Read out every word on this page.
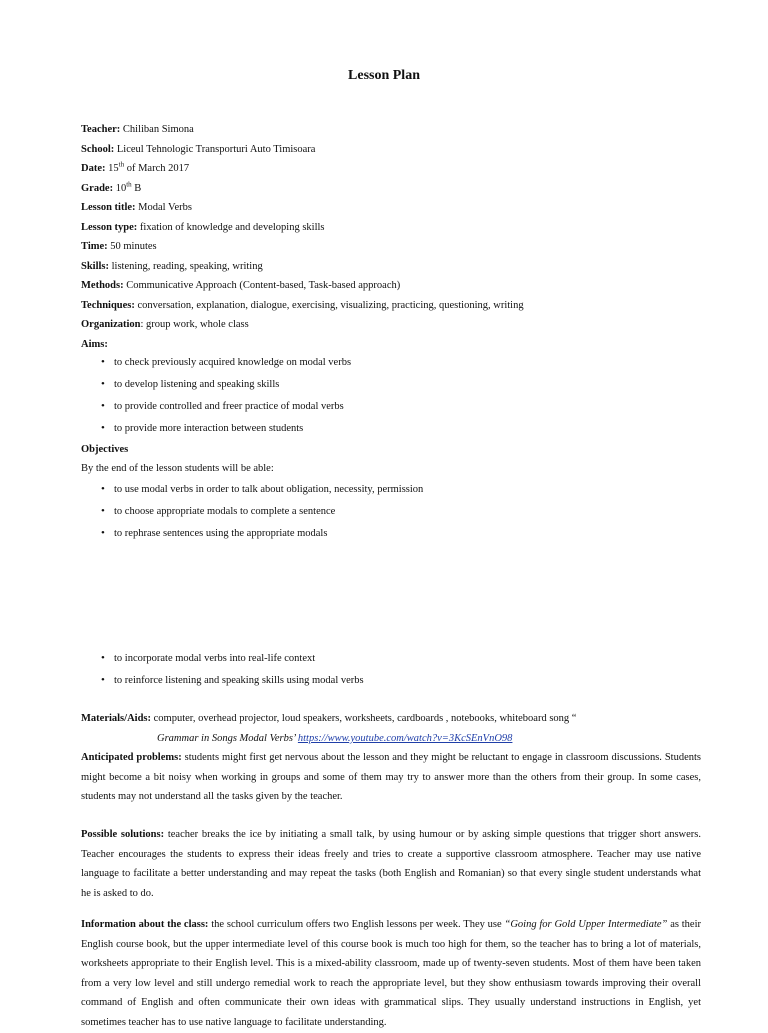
Lesson Plan
Teacher: Chiliban Simona
School: Liceul Tehnologic Transporturi Auto Timisoara
Date: 15th of March 2017
Grade: 10th B
Lesson title: Modal Verbs
Lesson type: fixation of knowledge and developing skills
Time: 50 minutes
Skills: listening, reading, speaking, writing
Methods: Communicative Approach (Content-based, Task-based approach)
Techniques: conversation, explanation, dialogue, exercising, visualizing, practicing, questioning, writing
Organization: group work, whole class
Aims:
• to check previously acquired knowledge on modal verbs
• to develop listening and speaking skills
• to provide controlled and freer practice of modal verbs
• to provide more interaction between students
Objectives
By the end of the lesson students will be able:
• to use modal verbs in order to talk about obligation, necessity, permission
• to choose appropriate modals to complete a sentence
• to rephrase sentences using the appropriate modals
• to incorporate modal verbs into real-life context
• to reinforce listening and speaking skills using modal verbs
Materials/Aids: computer, overhead projector, loud speakers, worksheets, cardboards , notebooks, whiteboard song “
Grammar in Songs Modal Verbs’ https://www.youtube.com/watch?v=3KcSEnVnO98
Anticipated problems: students might first get nervous about the lesson and they might be reluctant to engage in classroom discussions. Students might become a bit noisy when working in groups and some of them may try to answer more than the others from their group. In some cases, students may not understand all the tasks given by the teacher.
Possible solutions: teacher breaks the ice by initiating a small talk, by using humour or by asking simple questions that trigger short answers. Teacher encourages the students to express their ideas freely and tries to create a supportive classroom atmosphere. Teacher may use native language to facilitate a better understanding and may repeat the tasks (both English and Romanian) so that every single student understands what he is asked to do.
Information about the class: the school curriculum offers two English lessons per week. They use “Going for Gold Upper Intermediate” as their English course book, but the upper intermediate level of this course book is much too high for them, so the teacher has to bring a lot of materials, worksheets appropriate to their English level. This is a mixed-ability classroom, made up of twenty-seven students. Most of them have been taken from a very low level and still undergo remedial work to reach the appropriate level, but they show enthusiasm towards improving their overall command of English and often communicate their own ideas with grammatical slips. They usually understand instructions in English, yet sometimes teacher has to use native language to facilitate understanding.
